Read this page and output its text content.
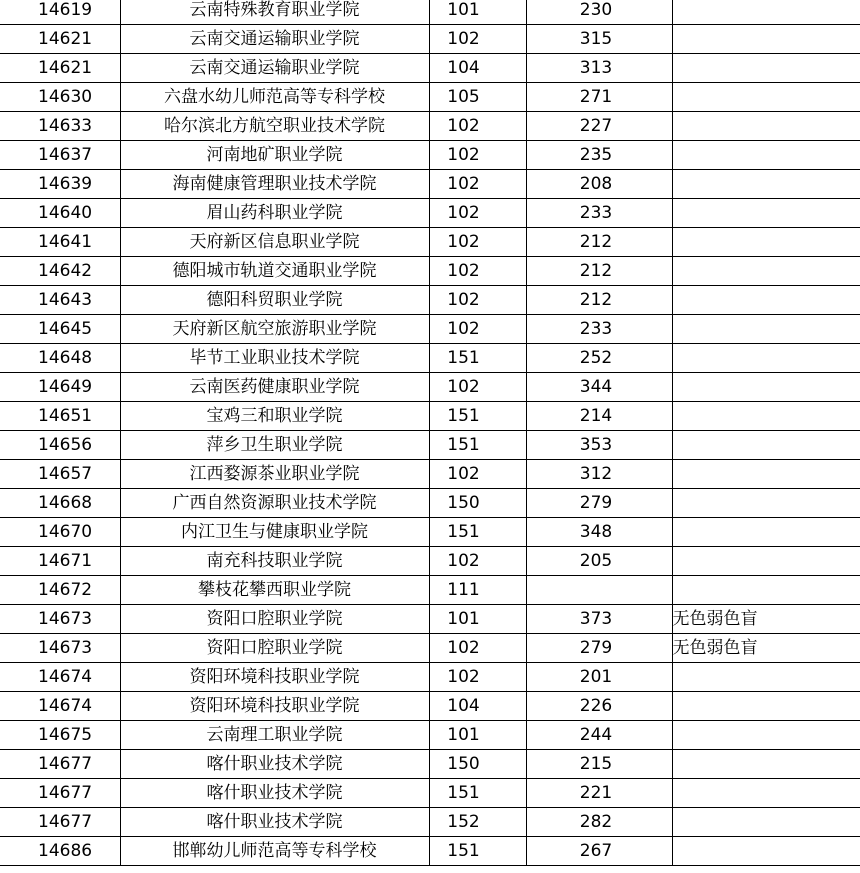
14619	云南特殊教育职业学院	101	230	
14621	云南交通运输职业学院	102	315	
14621	云南交通运输职业学院	104	313	
14630	六盘水幼儿师范高等专科学校	105	271	
14633	哈尔滨北方航空职业技术学院	102	227	
14637	河南地矿职业学院	102	235	
14639	海南健康管理职业技术学院	102	208	
14640	眉山药科职业学院	102	233	
14641	天府新区信息职业学院	102	212	
14642	德阳城市轨道交通职业学院	102	212	
14643	德阳科贸职业学院	102	212	
14645	天府新区航空旅游职业学院	102	233	
14648	毕节工业职业技术学院	151	252	
14649	云南医药健康职业学院	102	344	
14651	宝鸡三和职业学院	151	214	
14656	萍乡卫生职业学院	151	353	
14657	江西婺源茶业职业学院	102	312	
14668	广西自然资源职业技术学院	150	279	
14670	内江卫生与健康职业学院	151	348	
14671	南充科技职业学院	102	205	
14672	攀枝花攀西职业学院	111		
14673	资阳口腔职业学院	101	373	无色弱色盲
14673	资阳口腔职业学院	102	279	无色弱色盲
14674	资阳环境科技职业学院	102	201	
14674	资阳环境科技职业学院	104	226	
14675	云南理工职业学院	101	244	
14677	喀什职业技术学院	150	215	
14677	喀什职业技术学院	151	221	
14677	喀什职业技术学院	152	282	
14686	邯郸幼儿师范高等专科学校	151	267	
